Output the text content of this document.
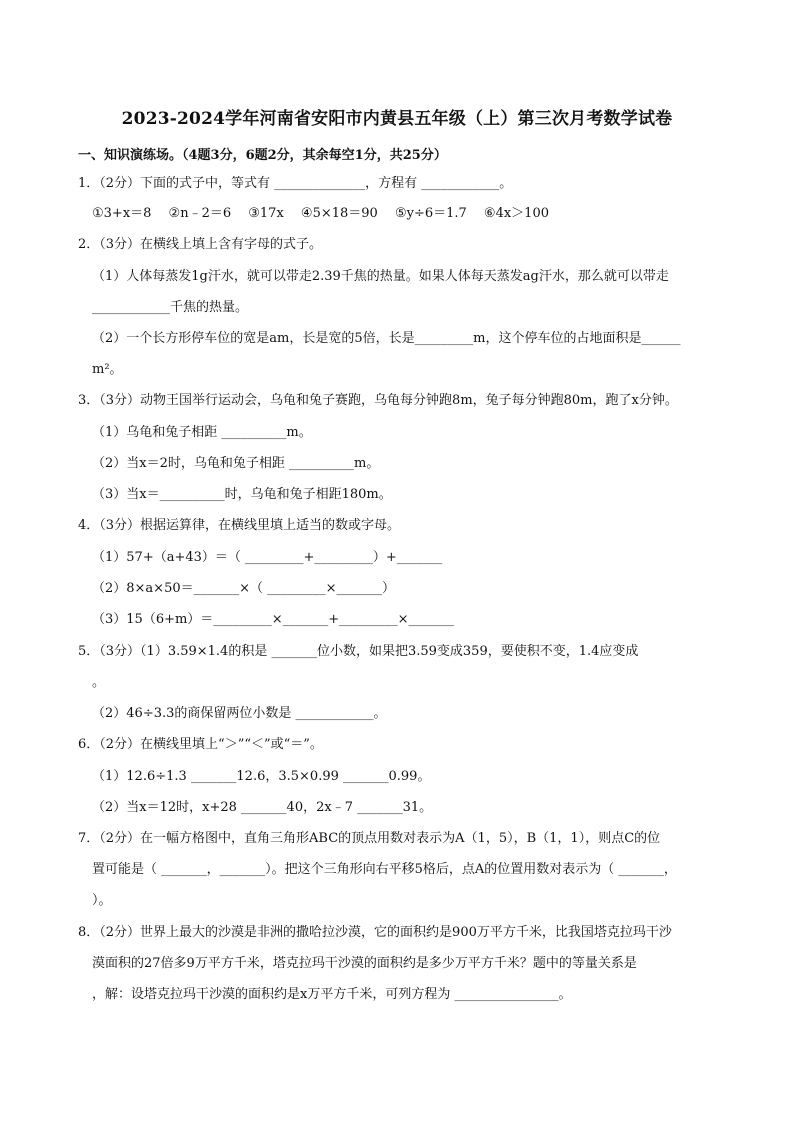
2023-2024学年河南省安阳市内黄县五年级（上）第三次月考数学试卷
一、知识演练场。（4题3分，6题2分，其余每空1分，共25分）
1．（2分）下面的式子中，等式有 ______________，方程有 ____________。
①3+x＝8　 ②n﹣2＝6　 ③17x　 ④5×18＝90　 ⑤y÷6＝1.7　 ⑥4x＞100
2．（3分）在横线上填上含有字母的式子。
（1）人体每蒸发1g汗水，就可以带走2.39千焦的热量。如果人体每天蒸发ag汗水，那么就可以带走
____________千焦的热量。
（2）一个长方形停车位的宽是am，长是宽的5倍，长是_________m，这个停车位的占地面积是______
m²。
3．（3分）动物王国举行运动会，乌龟和兔子赛跑，乌龟每分钟跑8m，兔子每分钟跑80m，跑了x分钟。
（1）乌龟和兔子相距 __________m。
（2）当x＝2时，乌龟和兔子相距 __________m。
（3）当x＝__________时，乌龟和兔子相距180m。
4．（3分）根据运算律，在横线里填上适当的数或字母。
（1）57+（a+43）＝（ _________+_________）+_______
（2）8×a×50＝_______×（ _________×_______）
（3）15（6+m）＝_________×_______+_________×_______
5．（3分）（1）3.59×1.4的积是 _______位小数，如果把3.59变成359，要使积不变，1.4应变成
。
（2）46÷3.3的商保留两位小数是 ____________。
6．（2分）在横线里填上“＞”“＜”或“＝”。
（1）12.6÷1.3 _______12.6，3.5×0.99 _______0.99。
（2）当x＝12时，x+28 _______40，2x﹣7 _______31。
7．（2分）在一幅方格图中，直角三角形ABC的顶点用数对表示为A（1，5），B（1，1），则点C的位
置可能是（ _______，_______）。把这个三角形向右平移5格后，点A的位置用数对表示为（ _______，
）。
8．（2分）世界上最大的沙漠是非洲的撒哈拉沙漠，它的面积约是900万平方千米，比我国塔克拉玛干沙
漠面积的27倍多9万平方千米，塔克拉玛干沙漠的面积约是多少万平方千米？题中的等量关系是
，解：设塔克拉玛干沙漠的面积约是x万平方千米，可列方程为 ________________。
